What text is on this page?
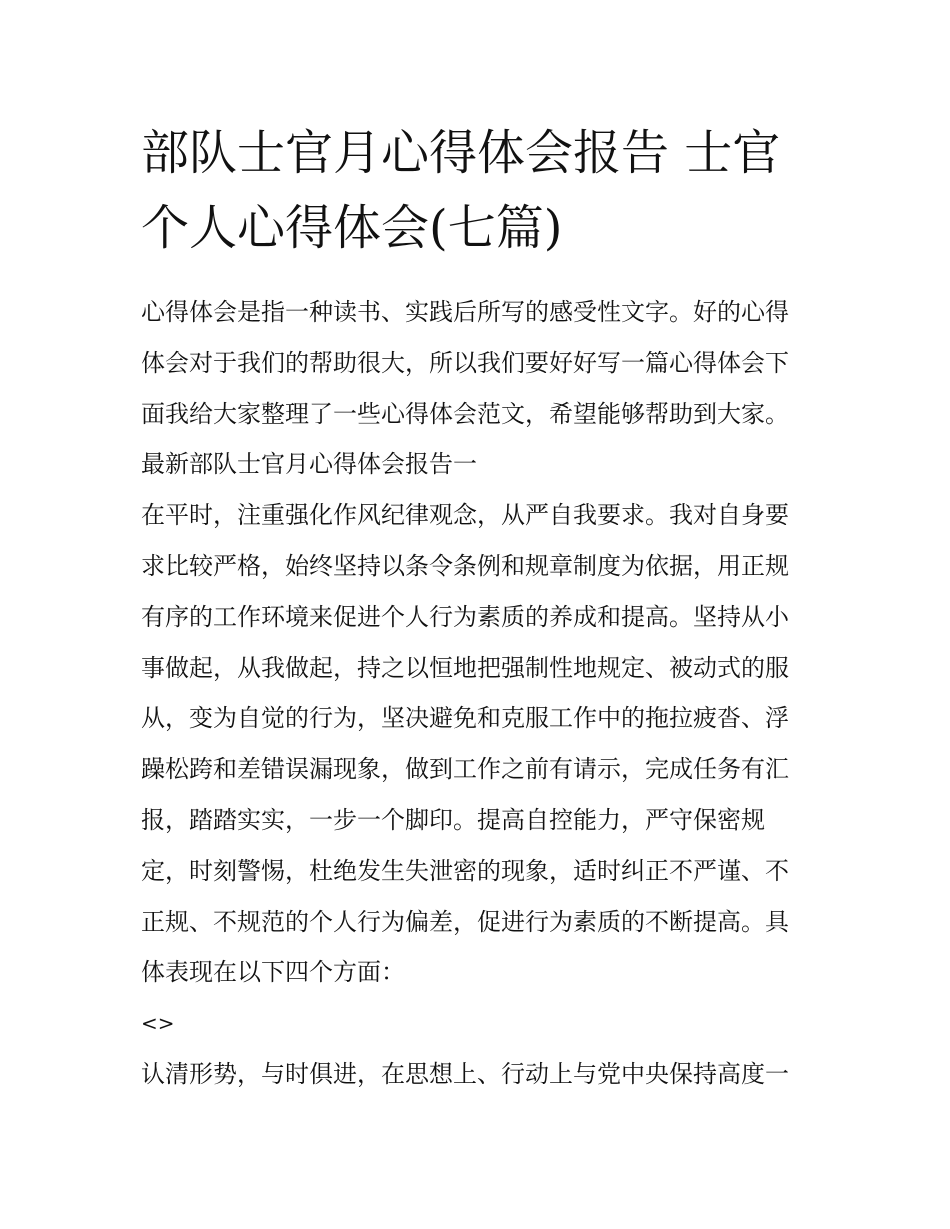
部队士官月心得体会报告 士官
个人心得体会(七篇)
心得体会是指一种读书、实践后所写的感受性文字。好的心得
体会对于我们的帮助很大，所以我们要好好写一篇心得体会下
面我给大家整理了一些心得体会范文，希望能够帮助到大家。
最新部队士官月心得体会报告一
在平时，注重强化作风纪律观念，从严自我要求。我对自身要
求比较严格，始终坚持以条令条例和规章制度为依据，用正规
有序的工作环境来促进个人行为素质的养成和提高。坚持从小
事做起，从我做起，持之以恒地把强制性地规定、被动式的服
从，变为自觉的行为，坚决避免和克服工作中的拖拉疲沓、浮
躁松跨和差错误漏现象，做到工作之前有请示，完成任务有汇
报，踏踏实实，一步一个脚印。提高自控能力，严守保密规
定，时刻警惕，杜绝发生失泄密的现象，适时纠正不严谨、不
正规、不规范的个人行为偏差，促进行为素质的不断提高。具
体表现在以下四个方面：
<>
认清形势，与时俱进，在思想上、行动上与党中央保持高度一
